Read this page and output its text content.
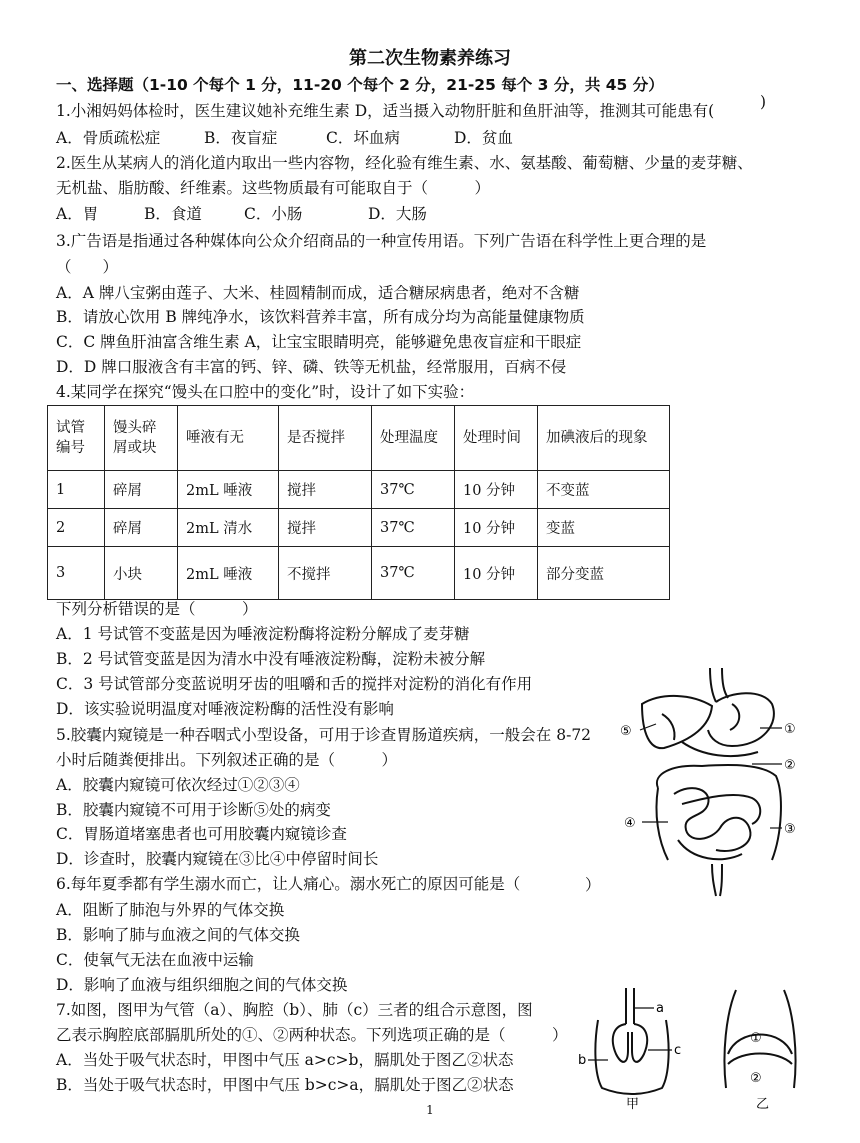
第二次生物素养练习
一、选择题（1-10 个每个 1 分，11-20 个每个 2 分，21-25 每个 3 分，共 45 分）
1.小湘妈妈体检时，医生建议她补充维生素 D，适当摄入动物肝脏和鱼肝油等，推测其可能患有(	)
A．骨质疏松症	B．夜盲症	C．坏血病	D．贫血
2.医生从某病人的消化道内取出一些内容物，经化验有维生素、水、氨基酸、葡萄糖、少量的麦芽糖、
无机盐、脂肪酸、纤维素。这些物质最有可能取自于（　　　）
A．胃	B．食道	C．小肠	D．大肠
3.广告语是指通过各种媒体向公众介绍商品的一种宣传用语。下列广告语在科学性上更合理的是
（　　）
A．A 牌八宝粥由莲子、大米、桂圆精制而成，适合糖尿病患者，绝对不含糖
B．请放心饮用 B 牌纯净水，该饮料营养丰富，所有成分均为高能量健康物质
C．C 牌鱼肝油富含维生素 A，让宝宝眼睛明亮，能够避免患夜盲症和干眼症
D．D 牌口服液含有丰富的钙、锌、磷、铁等无机盐，经常服用，百病不侵
4.某同学在探究“馒头在口腔中的变化”时，设计了如下实验：
试管
编号	馒头碎
屑或块	唾液有无	是否搅拌	处理温度	处理时间	加碘液后的现象
1	碎屑	2mL 唾液	搅拌	37℃	10 分钟	不变蓝
2	碎屑	2mL 清水	搅拌	37℃	10 分钟	变蓝
3	小块	2mL 唾液	不搅拌	37℃	10 分钟	部分变蓝
下列分析错误的是（　　　）
A．1 号试管不变蓝是因为唾液淀粉酶将淀粉分解成了麦芽糖
B．2 号试管变蓝是因为清水中没有唾液淀粉酶，淀粉未被分解
C．3 号试管部分变蓝说明牙齿的咀嚼和舌的搅拌对淀粉的消化有作用
D．该实验说明温度对唾液淀粉酶的活性没有影响
5.胶囊内窥镜是一种吞咽式小型设备，可用于诊查胃肠道疾病，一般会在 8-72
小时后随粪便排出。下列叙述正确的是（　　　）
A．胶囊内窥镜可依次经过①②③④
B．胶囊内窥镜不可用于诊断⑤处的病变
C．胃肠道堵塞患者也可用胶囊内窥镜诊查
D．诊查时，胶囊内窥镜在③比④中停留时间长
①
②
③
④
⑤
6.每年夏季都有学生溺水而亡，让人痛心。溺水死亡的原因可能是（	）
A．阻断了肺泡与外界的气体交换
B．影响了肺与血液之间的气体交换
C．使氧气无法在血液中运输
D．影响了血液与组织细胞之间的气体交换
7.如图，图甲为气管（a）、胸腔（b）、肺（c）三者的组合示意图，图
乙表示胸腔底部膈肌所处的①、②两种状态。下列选项正确的是（　　　）
A．当处于吸气状态时，甲图中气压 a>c>b，膈肌处于图乙②状态
B．当处于吸气状态时，甲图中气压 b>c>a，膈肌处于图乙②状态
a
b
c
甲
①
②
乙
1
